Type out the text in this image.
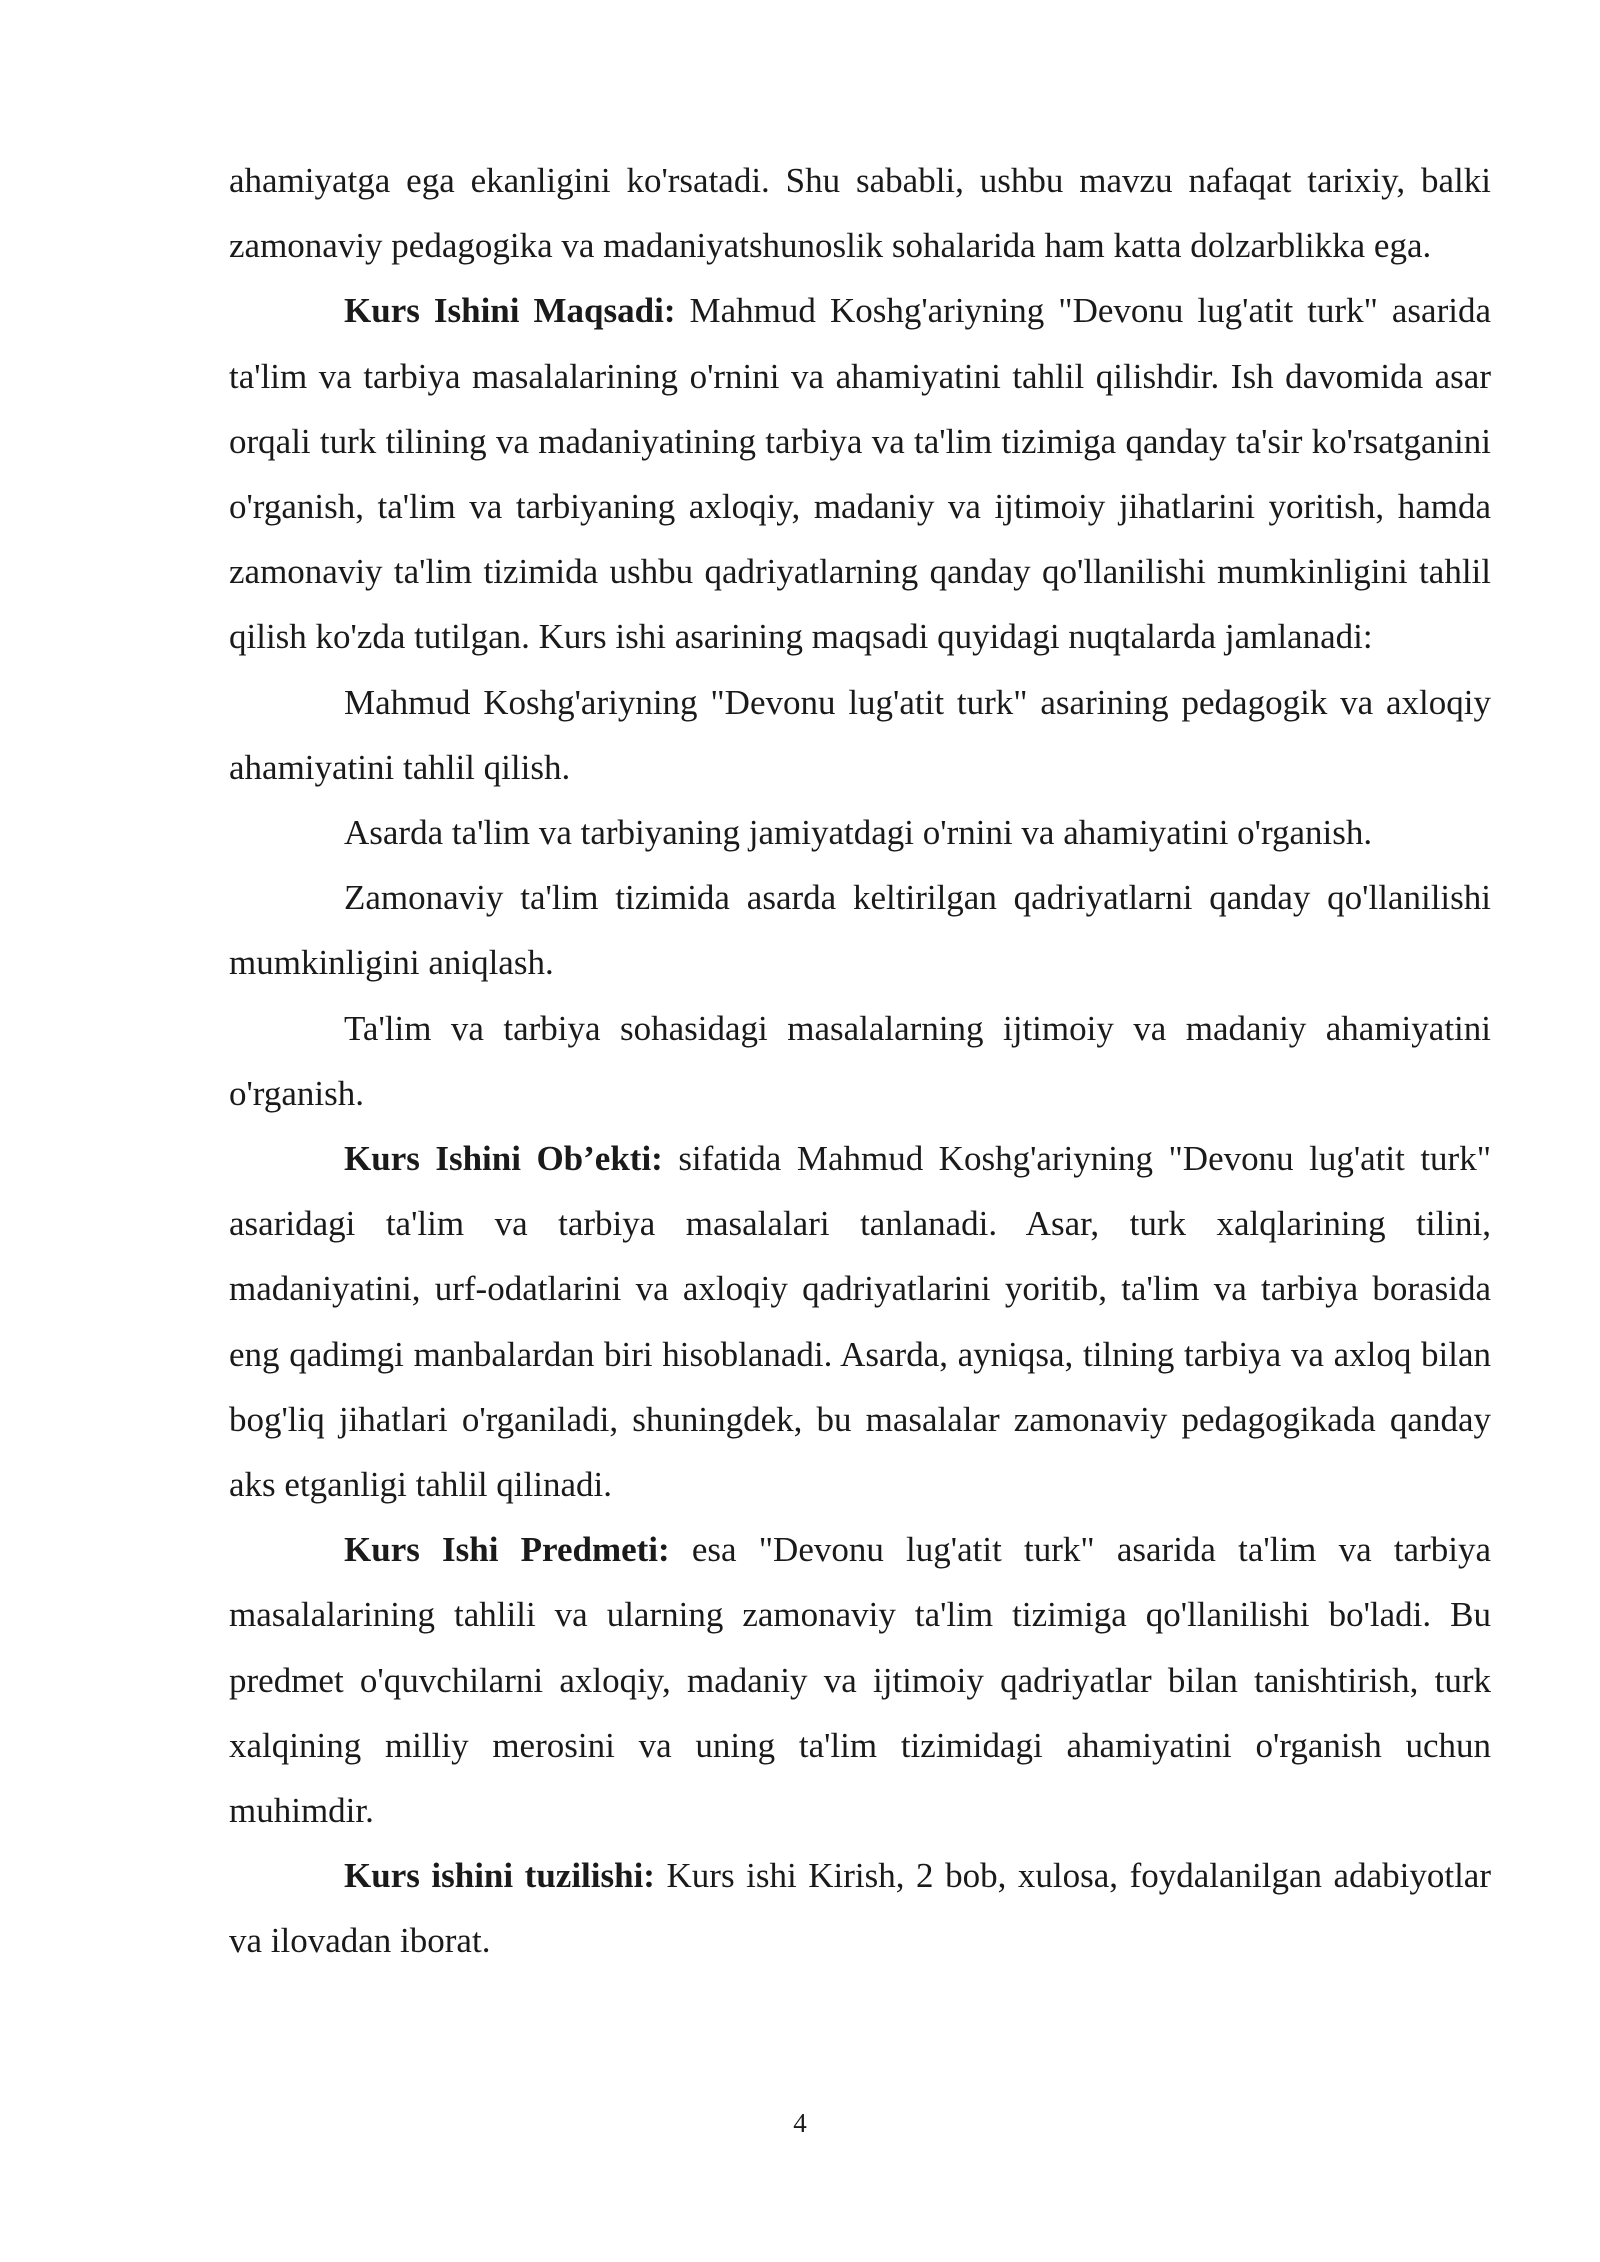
ahamiyatga ega ekanligini ko'rsatadi. Shu sababli, ushbu mavzu nafaqat tarixiy, balki zamonaviy pedagogika va madaniyatshunoslik sohalarida ham katta dolzarblikka ega.

Kurs Ishini Maqsadi: Mahmud Koshg'ariyning "Devonu lug'atit turk" asarida ta'lim va tarbiya masalalarining o'rnini va ahamiyatini tahlil qilishdir. Ish davomida asar orqali turk tilining va madaniyatining tarbiya va ta'lim tizimiga qanday ta'sir ko'rsatganini o'rganish, ta'lim va tarbiyaning axloqiy, madaniy va ijtimoiy jihatlarini yoritish, hamda zamonaviy ta'lim tizimida ushbu qadriyatlarning qanday qo'llanilishi mumkinligini tahlil qilish ko'zda tutilgan. Kurs ishi asarining maqsadi quyidagi nuqtalarda jamlanadi:

Mahmud Koshg'ariyning "Devonu lug'atit turk" asarining pedagogik va axloqiy ahamiyatini tahlil qilish.

Asarda ta'lim va tarbiyaning jamiyatdagi o'rnini va ahamiyatini o'rganish.

Zamonaviy ta'lim tizimida asarda keltirilgan qadriyatlarni qanday qo'llanilishi mumkinligini aniqlash.

Ta'lim va tarbiya sohasidagi masalalarning ijtimoiy va madaniy ahamiyatini o'rganish.

Kurs Ishini Ob’ekti: sifatida Mahmud Koshg'ariyning "Devonu lug'atit turk" asaridagi ta'lim va tarbiya masalalari tanlanadi. Asar, turk xalqlarining tilini, madaniyatini, urf-odatlarini va axloqiy qadriyatlarini yoritib, ta'lim va tarbiya borasida eng qadimgi manbalardan biri hisoblanadi. Asarda, ayniqsa, tilning tarbiya va axloq bilan bog'liq jihatlari o'rganiladi, shuningdek, bu masalalar zamonaviy pedagogikada qanday aks etganligi tahlil qilinadi.

Kurs Ishi Predmeti: esa "Devonu lug'atit turk" asarida ta'lim va tarbiya masalalarining tahlili va ularning zamonaviy ta'lim tizimiga qo'llanilishi bo'ladi. Bu predmet o'quvchilarni axloqiy, madaniy va ijtimoiy qadriyatlar bilan tanishtirish, turk xalqining milliy merosini va uning ta'lim tizimidagi ahamiyatini o'rganish uchun muhimdir.

Kurs ishini tuzilishi: Kurs ishi Kirish, 2 bob, xulosa, foydalanilgan adabiyotlar va ilovadan iborat.

4
